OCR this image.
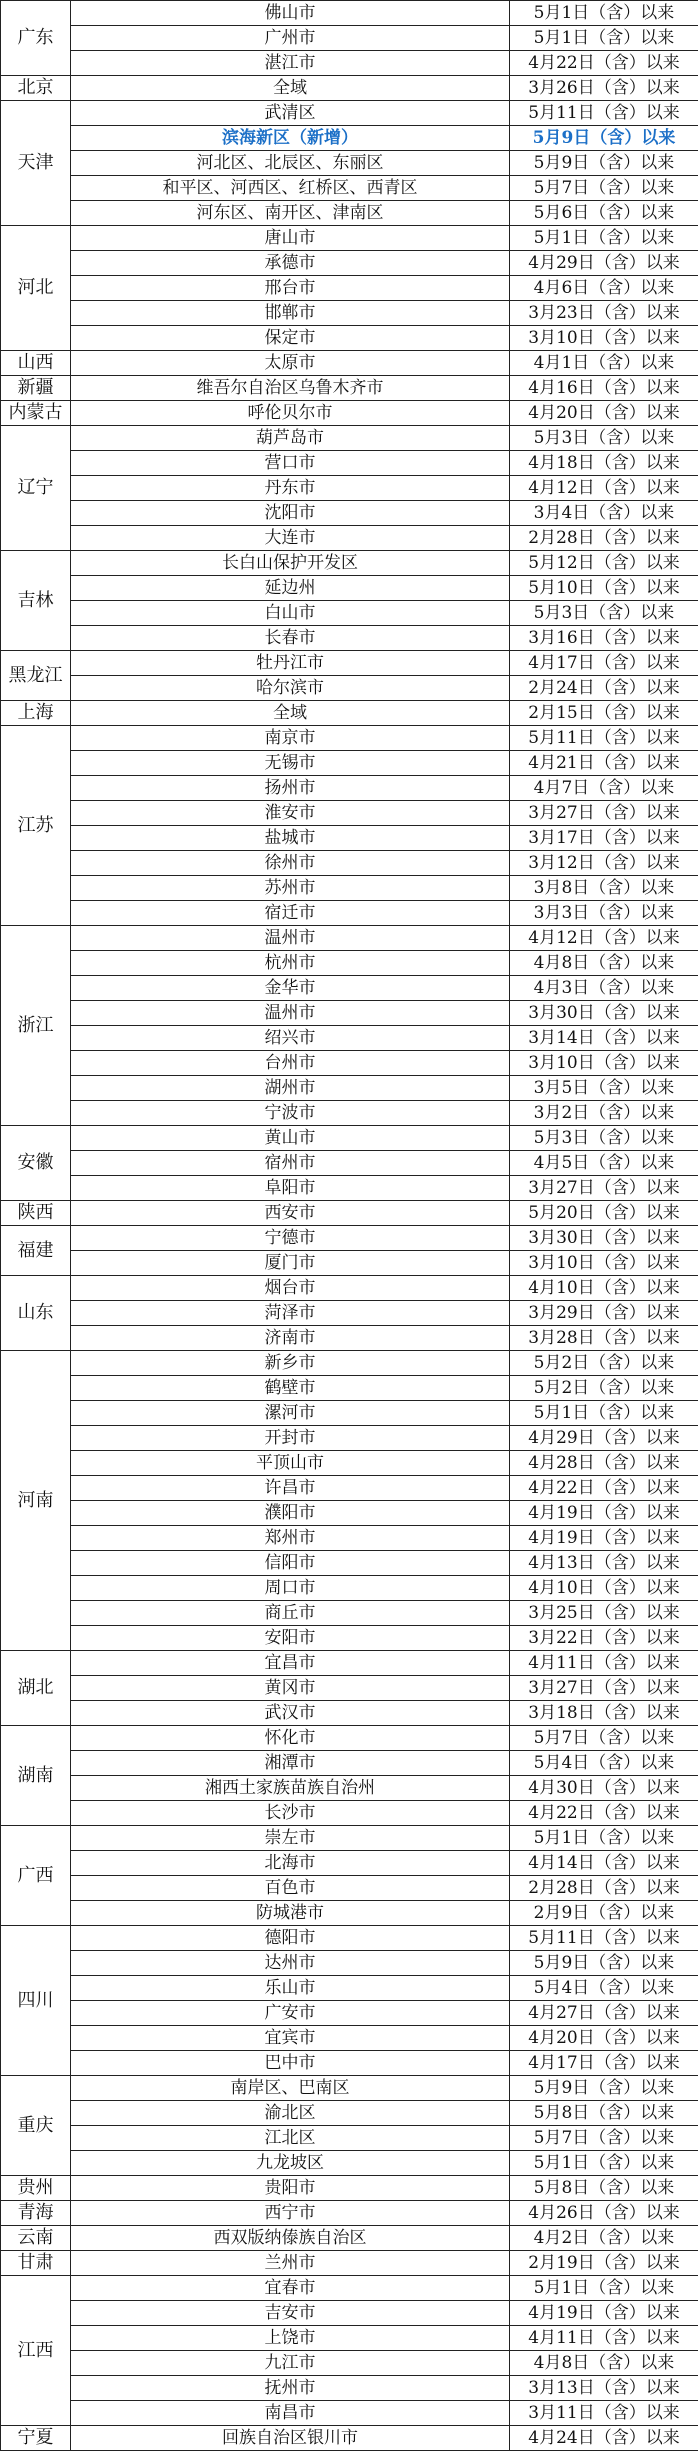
广东	佛山市	5月1日（含）以来
	广州市	5月1日（含）以来
	湛江市	4月22日（含）以来
北京	全域	3月26日（含）以来
天津	武清区	5月11日（含）以来
	滨海新区（新增）	5月9日（含）以来
	河北区、北辰区、东丽区	5月9日（含）以来
	和平区、河西区、红桥区、西青区	5月7日（含）以来
	河东区、南开区、津南区	5月6日（含）以来
河北	唐山市	5月1日（含）以来
	承德市	4月29日（含）以来
	邢台市	4月6日（含）以来
	邯郸市	3月23日（含）以来
	保定市	3月10日（含）以来
山西	太原市	4月1日（含）以来
新疆	维吾尔自治区乌鲁木齐市	4月16日（含）以来
内蒙古	呼伦贝尔市	4月20日（含）以来
辽宁	葫芦岛市	5月3日（含）以来
	营口市	4月18日（含）以来
	丹东市	4月12日（含）以来
	沈阳市	3月4日（含）以来
	大连市	2月28日（含）以来
吉林	长白山保护开发区	5月12日（含）以来
	延边州	5月10日（含）以来
	白山市	5月3日（含）以来
	长春市	3月16日（含）以来
黑龙江	牡丹江市	4月17日（含）以来
	哈尔滨市	2月24日（含）以来
上海	全域	2月15日（含）以来
江苏	南京市	5月11日（含）以来
	无锡市	4月21日（含）以来
	扬州市	4月7日（含）以来
	淮安市	3月27日（含）以来
	盐城市	3月17日（含）以来
	徐州市	3月12日（含）以来
	苏州市	3月8日（含）以来
	宿迁市	3月3日（含）以来
浙江	温州市	4月12日（含）以来
	杭州市	4月8日（含）以来
	金华市	4月3日（含）以来
	温州市	3月30日（含）以来
	绍兴市	3月14日（含）以来
	台州市	3月10日（含）以来
	湖州市	3月5日（含）以来
	宁波市	3月2日（含）以来
安徽	黄山市	5月3日（含）以来
	宿州市	4月5日（含）以来
	阜阳市	3月27日（含）以来
陕西	西安市	5月20日（含）以来
福建	宁德市	3月30日（含）以来
	厦门市	3月10日（含）以来
山东	烟台市	4月10日（含）以来
	菏泽市	3月29日（含）以来
	济南市	3月28日（含）以来
河南	新乡市	5月2日（含）以来
	鹤壁市	5月2日（含）以来
	漯河市	5月1日（含）以来
	开封市	4月29日（含）以来
	平顶山市	4月28日（含）以来
	许昌市	4月22日（含）以来
	濮阳市	4月19日（含）以来
	郑州市	4月19日（含）以来
	信阳市	4月13日（含）以来
	周口市	4月10日（含）以来
	商丘市	3月25日（含）以来
	安阳市	3月22日（含）以来
湖北	宜昌市	4月11日（含）以来
	黄冈市	3月27日（含）以来
	武汉市	3月18日（含）以来
湖南	怀化市	5月7日（含）以来
	湘潭市	5月4日（含）以来
	湘西土家族苗族自治州	4月30日（含）以来
	长沙市	4月22日（含）以来
广西	崇左市	5月1日（含）以来
	北海市	4月14日（含）以来
	百色市	2月28日（含）以来
	防城港市	2月9日（含）以来
四川	德阳市	5月11日（含）以来
	达州市	5月9日（含）以来
	乐山市	5月4日（含）以来
	广安市	4月27日（含）以来
	宜宾市	4月20日（含）以来
	巴中市	4月17日（含）以来
重庆	南岸区、巴南区	5月9日（含）以来
	渝北区	5月8日（含）以来
	江北区	5月7日（含）以来
	九龙坡区	5月1日（含）以来
贵州	贵阳市	5月8日（含）以来
青海	西宁市	4月26日（含）以来
云南	西双版纳傣族自治区	4月2日（含）以来
甘肃	兰州市	2月19日（含）以来
江西	宜春市	5月1日（含）以来
	吉安市	4月19日（含）以来
	上饶市	4月11日（含）以来
	九江市	4月8日（含）以来
	抚州市	3月13日（含）以来
	南昌市	3月11日（含）以来
宁夏	回族自治区银川市	4月24日（含）以来
